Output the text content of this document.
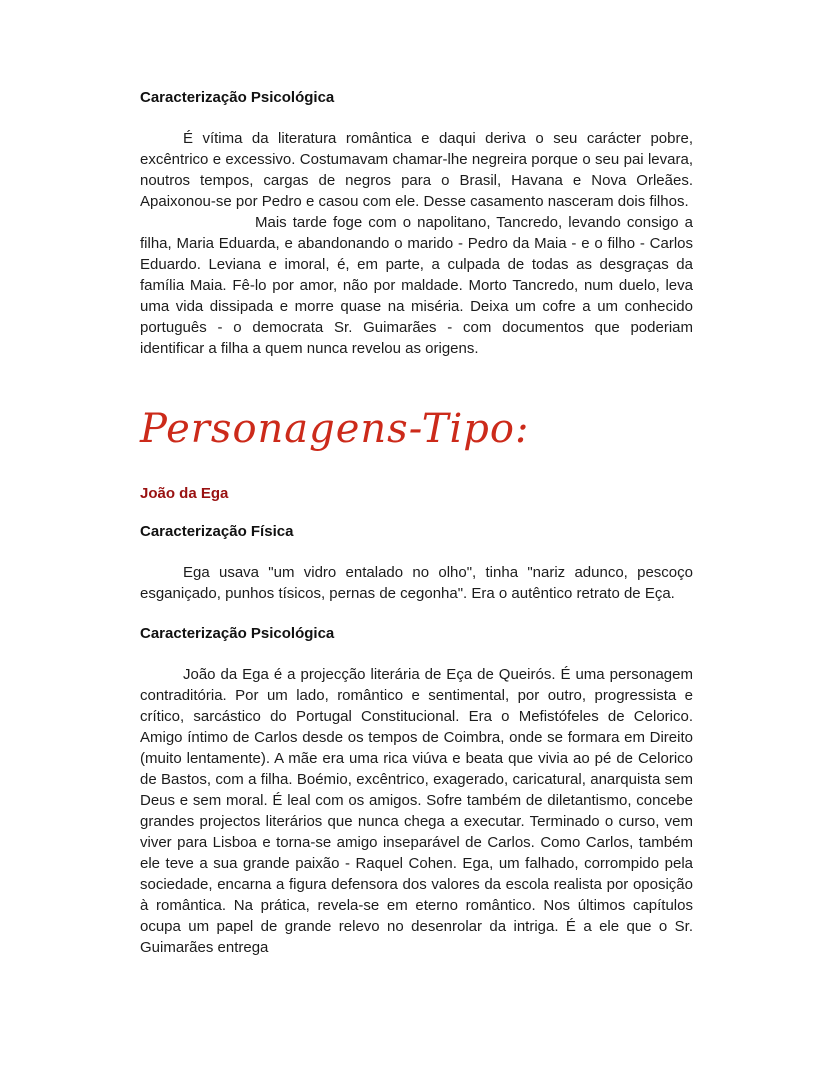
Caracterização Psicológica

É vítima da literatura romântica e daqui deriva o seu carácter pobre, excêntrico e excessivo. Costumavam chamar-lhe negreira porque o seu pai levara, noutros tempos, cargas de negros para o Brasil, Havana e Nova Orleães. Apaixonou-se por Pedro e casou com ele. Desse casamento nasceram dois filhos.

Mais tarde foge com o napolitano, Tancredo, levando consigo a filha, Maria Eduarda, e abandonando o marido - Pedro da Maia - e o filho - Carlos Eduardo. Leviana e imoral, é, em parte, a culpada de todas as desgraças da família Maia. Fê-lo por amor, não por maldade. Morto Tancredo, num duelo, leva uma vida dissipada e morre quase na miséria. Deixa um cofre a um conhecido português - o democrata Sr. Guimarães - com documentos que poderiam identificar a filha a quem nunca revelou as origens.

Personagens-Tipo:
João da Ega
Caracterização Física

Ega usava "um vidro entalado no olho", tinha "nariz adunco, pescoço esganiçado, punhos tísicos, pernas de cegonha". Era o autêntico retrato de Eça.

Caracterização Psicológica

João da Ega é a projecção literária de Eça de Queirós. É uma personagem contraditória. Por um lado, romântico e sentimental, por outro, progressista e crítico, sarcástico do Portugal Constitucional. Era o Mefistófeles de Celorico. Amigo íntimo de Carlos desde os tempos de Coimbra, onde se formara em Direito (muito lentamente). A mãe era uma rica viúva e beata que vivia ao pé de Celorico de Bastos, com a filha. Boémio, excêntrico, exagerado, caricatural, anarquista sem Deus e sem moral. É leal com os amigos. Sofre também de diletantismo, concebe grandes projectos literários que nunca chega a executar. Terminado o curso, vem viver para Lisboa e torna-se amigo inseparável de Carlos. Como Carlos, também ele teve a sua grande paixão - Raquel Cohen. Ega, um falhado, corrompido pela sociedade, encarna a figura defensora dos valores da escola realista por oposição à romântica. Na prática, revela-se em eterno romântico. Nos últimos capítulos ocupa um papel de grande relevo no desenrolar da intriga. É a ele que o Sr. Guimarães entrega
